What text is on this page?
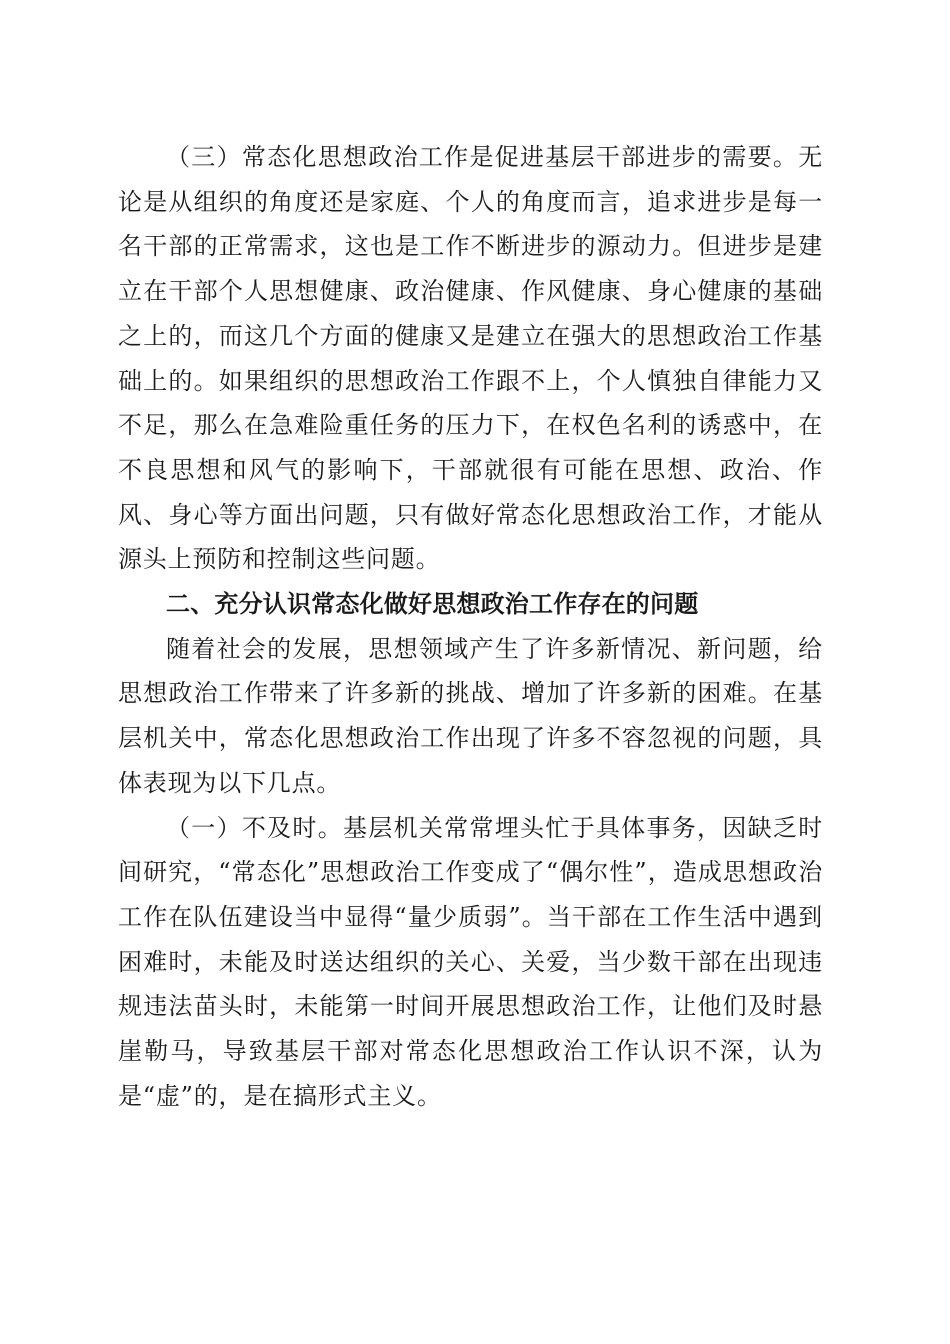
（三）常态化思想政治工作是促进基层干部进步的需要。无论是从组织的角度还是家庭、个人的角度而言，追求进步是每一名干部的正常需求，这也是工作不断进步的源动力。但进步是建立在干部个人思想健康、政治健康、作风健康、身心健康的基础之上的，而这几个方面的健康又是建立在强大的思想政治工作基础上的。如果组织的思想政治工作跟不上，个人慎独自律能力又不足，那么在急难险重任务的压力下，在权色名利的诱惑中，在不良思想和风气的影响下，干部就很有可能在思想、政治、作风、身心等方面出问题，只有做好常态化思想政治工作，才能从源头上预防和控制这些问题。

二、充分认识常态化做好思想政治工作存在的问题

随着社会的发展，思想领域产生了许多新情况、新问题，给思想政治工作带来了许多新的挑战、增加了许多新的困难。在基层机关中，常态化思想政治工作出现了许多不容忽视的问题，具体表现为以下几点。

（一）不及时。基层机关常常埋头忙于具体事务，因缺乏时间研究，“常态化”思想政治工作变成了“偶尔性”，造成思想政治工作在队伍建设当中显得“量少质弱”。当干部在工作生活中遇到困难时，未能及时送达组织的关心、关爱，当少数干部在出现违规违法苗头时，未能第一时间开展思想政治工作，让他们及时悬崖勒马，导致基层干部对常态化思想政治工作认识不深，认为是“虚”的，是在搞形式主义。
